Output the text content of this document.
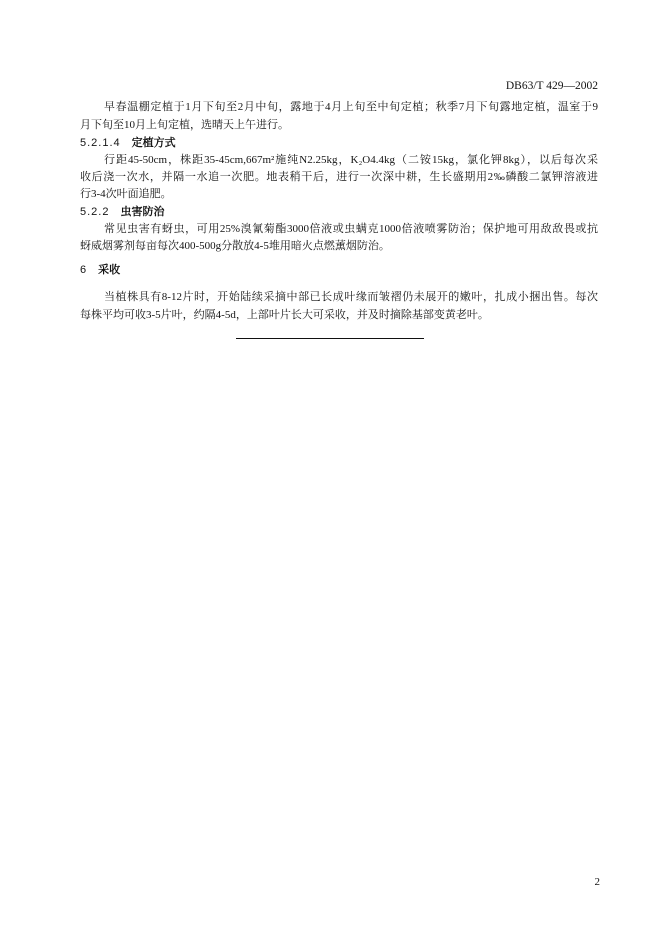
DB63/T 429—2002
早春温棚定植于1月下旬至2月中旬，露地于4月上旬至中旬定植；秋季7月下旬露地定植，温室于9
月下旬至10月上旬定植，选晴天上午进行。
5.2.1.4 定植方式
行距45-50cm，株距35-45cm,667m²施纯N2.25kg，K₂O4.4kg（二铵15kg，氯化钾8kg），以后每次采
收后浇一次水，并隔一水追一次肥。地表稍干后，进行一次深中耕，生长盛期用2‰磷酸二氯钾溶液进
行3-4次叶面追肥。
5.2.2 虫害防治
常见虫害有蚜虫，可用25%溴氰菊酯3000倍液或虫螨克1000倍液喷雾防治；保护地可用敌敌畏或抗
蚜威烟雾剂每亩每次400-500g分散放4-5堆用暗火点燃薰烟防治。
6 采收
当植株具有8-12片时，开始陆续采摘中部已长成叶缘而皱褶仍未展开的嫩叶，扎成小捆出售。每次
每株平均可收3-5片叶，约隔4-5d，上部叶片长大可采收，并及时摘除基部变黄老叶。
2
